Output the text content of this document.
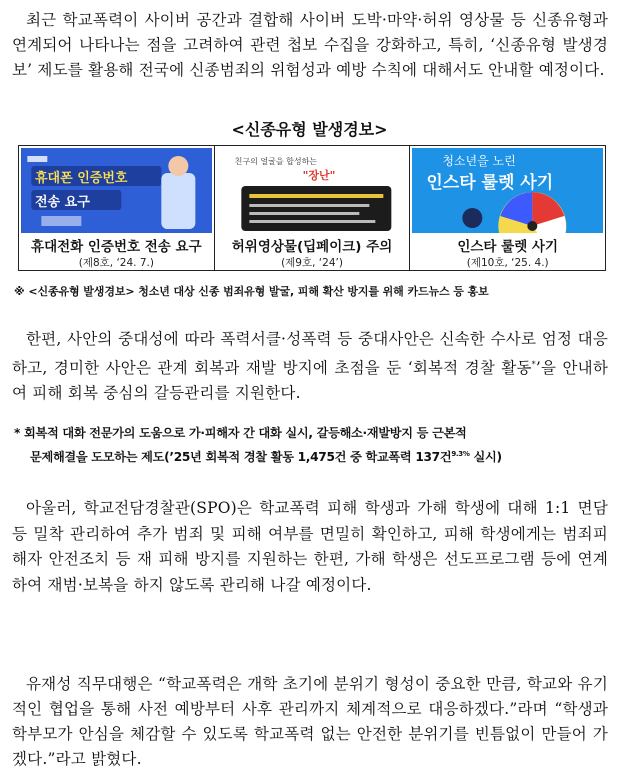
최근 학교폭력이 사이버 공간과 결합해 사이버 도박·마약·허위 영상물 등 신종유형과 연계되어 나타나는 점을 고려하여 관련 첩보 수집을 강화하고, 특히, ‘신종유형 발생경보’ 제도를 활용해 전국에 신종범죄의 위험성과 예방 수칙에 대해서도 안내할 예정이다.
<신종유형 발생경보>
휴대폰 인증번호
전송 요구
휴대전화 인증번호 전송 요구
(제8호, ‘24. 7.)
친구의 얼굴을 합성하는
"장난"
허위영상물(딥페이크) 주의
(제9호, ‘24’)
청소년을 노린
인스타 룰렛 사기
인스타 룰렛 사기
(제10호, ‘25. 4.)
※ <신종유형 발생경보> 청소년 대상 신종 범죄유형 발굴, 피해 확산 방지를 위해 카드뉴스 등 홍보
한편, 사안의 중대성에 따라 폭력서클·성폭력 등 중대사안은 신속한 수사로 엄정 대응하고, 경미한 사안은 관계 회복과 재발 방지에 초점을 둔 ‘회복적 경찰 활동*’을 안내하여 피해 회복 중심의 갈등관리를 지원한다.
* 회복적 대화 전문가의 도움으로 가·피해자 간 대화 실시, 갈등해소·재발방지 등 근본적
문제해결을 도모하는 제도(’25년 회복적 경찰 활동 1,475건 중 학교폭력 137건$^{9.3\%}$ 실시)
아울러, 학교전담경찰관(SPO)은 학교폭력 피해 학생과 가해 학생에 대해 1:1 면담 등 밀착 관리하여 추가 범죄 및 피해 여부를 면밀히 확인하고, 피해 학생에게는 범죄피해자 안전조치 등 재 피해 방지를 지원하는 한편, 가해 학생은 선도프로그램 등에 연계하여 재범·보복을 하지 않도록 관리해 나갈 예정이다.
유재성 직무대행은 “학교폭력은 개학 초기에 분위기 형성이 중요한 만큼, 학교와 유기적인 협업을 통해 사전 예방부터 사후 관리까지 체계적으로 대응하겠다.”라며 “학생과 학부모가 안심을 체감할 수 있도록 학교폭력 없는 안전한 분위기를 빈틈없이 만들어 가겠다.”라고 밝혔다.
